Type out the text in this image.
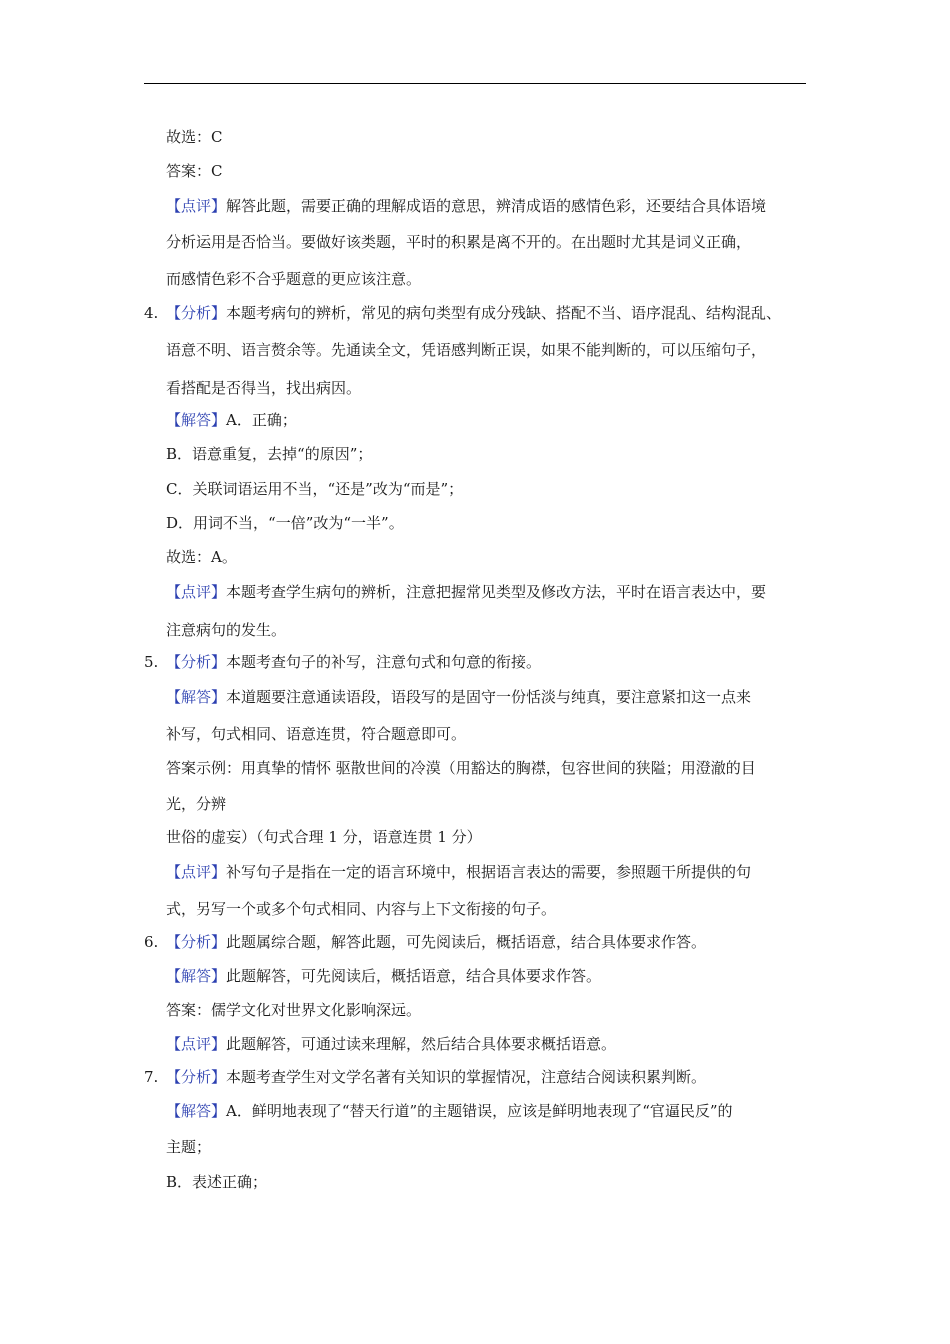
故选：C
答案：C
【点评】解答此题，需要正确的理解成语的意思，辨清成语的感情色彩，还要结合具体语境
分析运用是否恰当。要做好该类题，平时的积累是离不开的。在出题时尤其是词义正确，
而感情色彩不合乎题意的更应该注意。
4. 【分析】本题考病句的辨析，常见的病句类型有成分残缺、搭配不当、语序混乱、结构混乱、
语意不明、语言赘余等。先通读全文，凭语感判断正误，如果不能判断的，可以压缩句子，
看搭配是否得当，找出病因。
【解答】A．正确；
B．语意重复，去掉“的原因”；
C．关联词语运用不当，“还是”改为“而是”；
D．用词不当，“一倍”改为“一半”。
故选：A。
【点评】本题考查学生病句的辨析，注意把握常见类型及修改方法，平时在语言表达中，要
注意病句的发生。
5. 【分析】本题考查句子的补写，注意句式和句意的衔接。
【解答】本道题要注意通读语段，语段写的是固守一份恬淡与纯真，要注意紧扣这一点来
补写，句式相同、语意连贯，符合题意即可。
答案示例：用真挚的情怀 驱散世间的冷漠（用豁达的胸襟，包容世间的狭隘；用澄澈的目
光，分辨
世俗的虚妄）（句式合理 1 分，语意连贯 1 分）
【点评】补写句子是指在一定的语言环境中，根据语言表达的需要，参照题干所提供的句
式，另写一个或多个句式相同、内容与上下文衔接的句子。
6. 【分析】此题属综合题，解答此题，可先阅读后，概括语意，结合具体要求作答。
【解答】此题解答，可先阅读后，概括语意，结合具体要求作答。
答案：儒学文化对世界文化影响深远。
【点评】此题解答，可通过读来理解，然后结合具体要求概括语意。
7. 【分析】本题考查学生对文学名著有关知识的掌握情况，注意结合阅读积累判断。
【解答】A．鲜明地表现了“替天行道”的主题错误，应该是鲜明地表现了“官逼民反”的
主题；
B．表述正确；
